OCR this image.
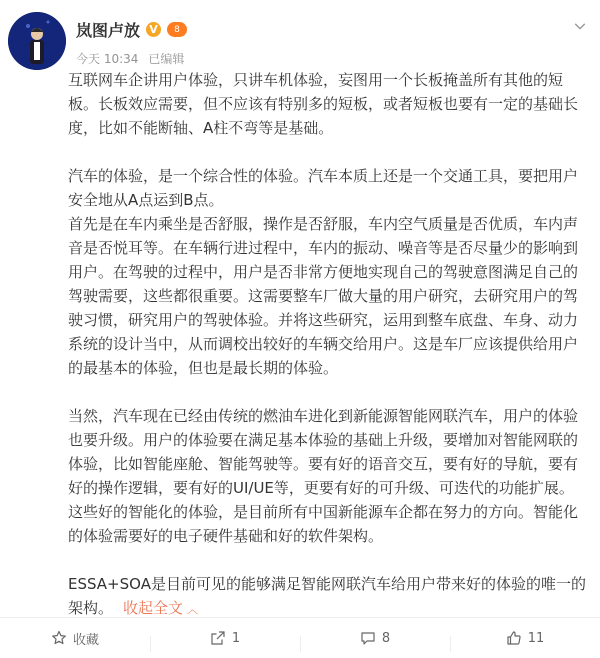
岚图卢放 V	8
今天 10:34 已编辑

互联网车企讲用户体验，只讲车机体验，妄图用一个长板掩盖所有其他的短板。长板效应需要，但不应该有特别多的短板，或者短板也要有一定的基础长度，比如不能断轴、A柱不弯等是基础。

汽车的体验，是一个综合性的体验。汽车本质上还是一个交通工具，要把用户安全地从A点运到B点。

首先是在车内乘坐是否舒服，操作是否舒服，车内空气质量是否优质，车内声音是否悦耳等。在车辆行进过程中，车内的振动、噪音等是否尽量少的影响到用户。在驾驶的过程中，用户是否非常方便地实现自己的驾驶意图满足自己的驾驶需要，这些都很重要。这需要整车厂做大量的用户研究，去研究用户的驾驶习惯，研究用户的驾驶体验。并将这些研究，运用到整车底盘、车身、动力系统的设计当中，从而调校出较好的车辆交给用户。这是车厂应该提供给用户的最基本的体验，但也是最长期的体验。

当然，汽车现在已经由传统的燃油车进化到新能源智能网联汽车，用户的体验也要升级。用户的体验要在满足基本体验的基础上升级，要增加对智能网联的体验，比如智能座舱、智能驾驶等。要有好的语音交互，要有好的导航，要有好的操作逻辑，要有好的UI/UE等，更要有好的可升级、可迭代的功能扩展。这些好的智能化的体验，是目前所有中国新能源车企都在努力的方向。智能化的体验需要好的电子硬件基础和好的软件架构。

ESSA+SOA是目前可见的能够满足智能网联汽车给用户带来好的体验的唯一的架构。 收起全文 ︿

收藏	1	8	11
